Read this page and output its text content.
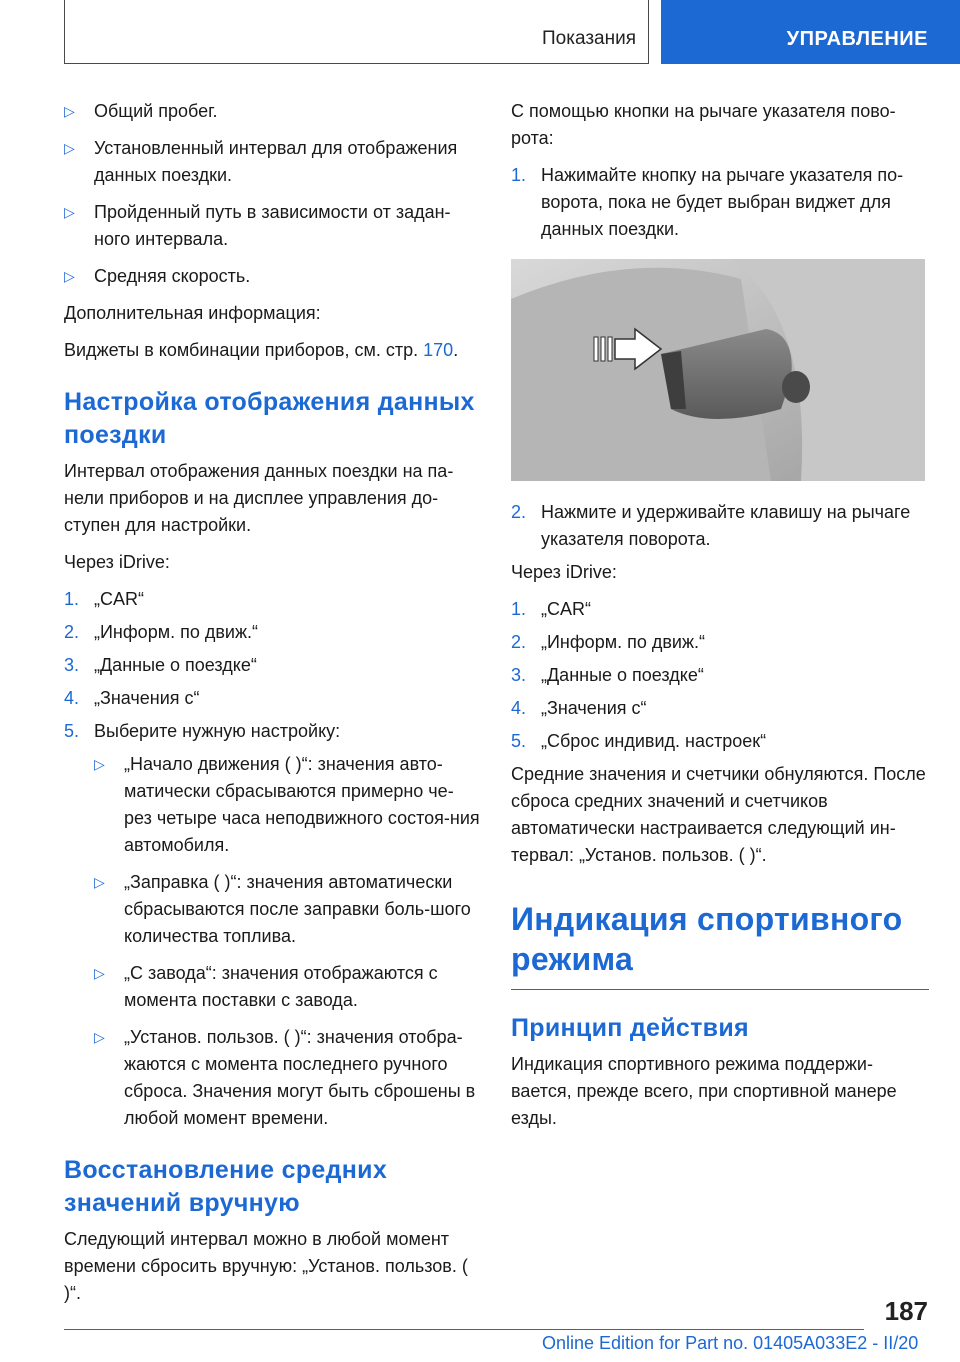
Показания	УПРАВЛЕНИЕ
▷ Общий пробег.
▷ Установленный интервал для отображения данных поездки.
▷ Пройденный путь в зависимости от задан-ного интервала.
▷ Средняя скорость.

Дополнительная информация:

Виджеты в комбинации приборов, см. стр. 170.

Настройка отображения данных поездки

Интервал отображения данных поездки на па-нели приборов и на дисплее управления до-ступен для настройки.

Через iDrive:

1. „CAR“
2. „Информ. по движ.“
3. „Данные о поездке“
4. „Значения с“
5. Выберите нужную настройку:
▷ „Начало движения ( )“: значения авто-матически сбрасываются примерно че-рез четыре часа неподвижного состоя-ния автомобиля.
▷ „Заправка ( )“: значения автоматически сбрасываются после заправки боль-шого количества топлива.
▷ „С завода“: значения отображаются с момента поставки с завода.
▷ „Установ. пользов. ( )“: значения отобра-жаются с момента последнего ручного сброса. Значения могут быть сброшены в любой момент времени.
Восстановление средних значений вручную

Следующий интервал можно в любой момент времени сбросить вручную: „Установ. пользов. ( )“.

С помощью кнопки на рычаге указателя пово-рота:

1. Нажимайте кнопку на рычаге указателя по-ворота, пока не будет выбран виджет для данных поездки.
2. Нажмите и удерживайте клавишу на рычаге указателя поворота.

Через iDrive:

1. „CAR“
2. „Информ. по движ.“
3. „Данные о поездке“
4. „Значения с“
5. „Сброс индивид. настроек“

Средние значения и счетчики обнуляются. После сброса средних значений и счетчиков автоматически настраивается следующий ин-тервал: „Установ. пользов. ( )“.

Индикация спортивного режима
Принцип действия

Индикация спортивного режима поддержи-вается, прежде всего, при спортивной манере езды.

187
Online Edition for Part no. 01405A033E2 - II/20
